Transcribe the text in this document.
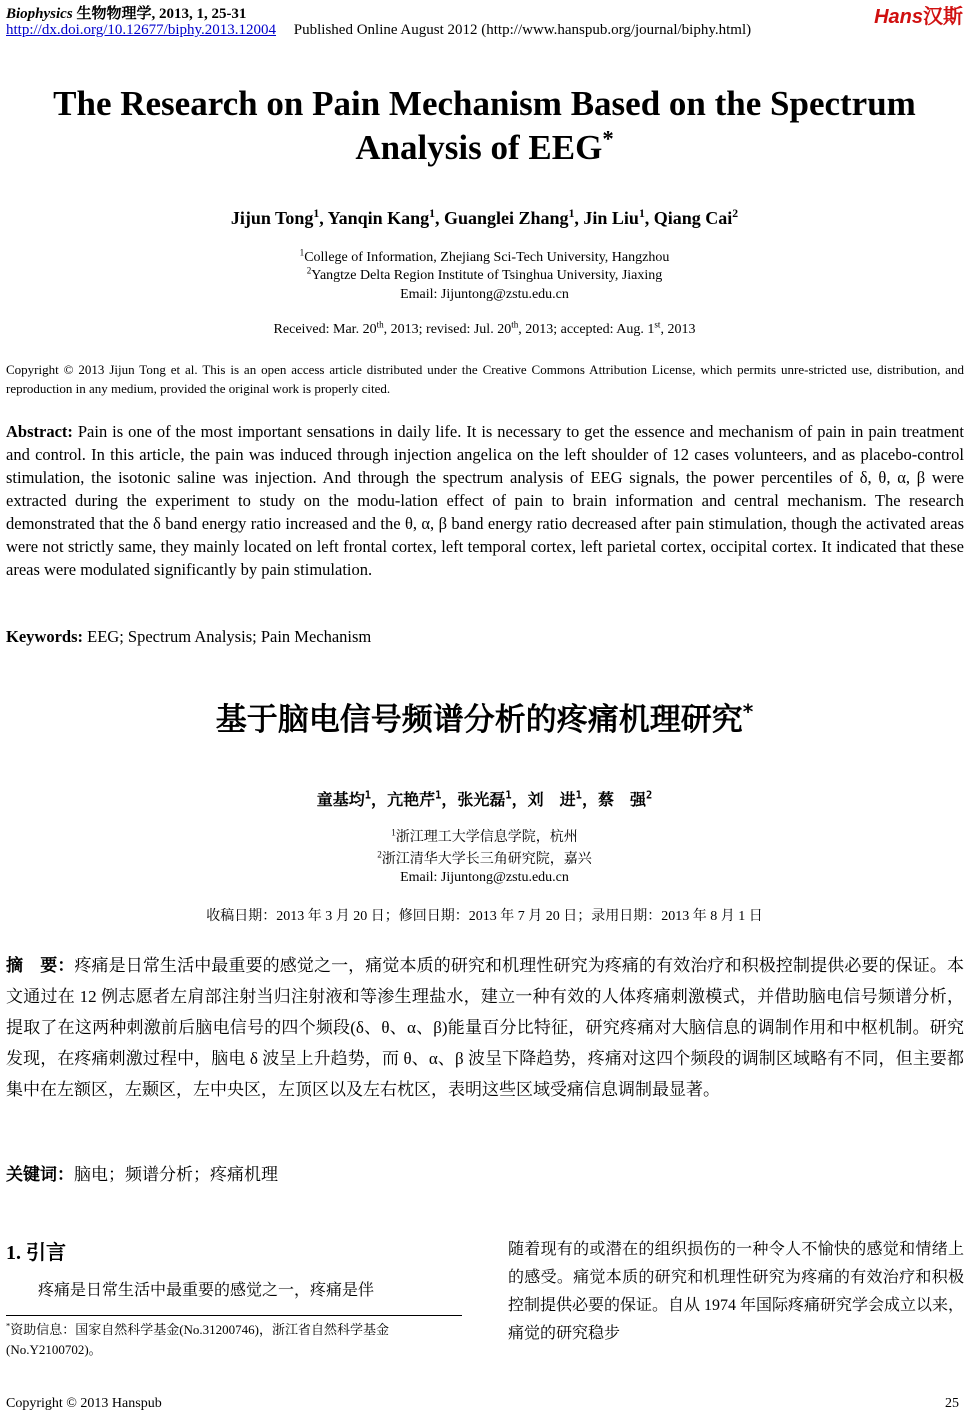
Biophysics 生物物理学, 2013, 1, 25-31	Hans汉斯
http://dx.doi.org/10.12677/biphy.2013.12004 Published Online August 2012 (http://www.hanspub.org/journal/biphy.html)
The Research on Pain Mechanism Based on the Spectrum Analysis of EEG*
Jijun Tong$^1$, Yanqin Kang$^1$, Guanglei Zhang$^1$, Jin Liu$^1$, Qiang Cai$^2$
$^1$College of Information, Zhejiang Sci-Tech University, Hangzhou
$^2$Yangtze Delta Region Institute of Tsinghua University, Jiaxing
Email: Jijuntong@zstu.edu.cn
Received: Mar. 20th, 2013; revised: Jul. 20th, 2013; accepted: Aug. 1st, 2013
Copyright © 2013 Jijun Tong et al. This is an open access article distributed under the Creative Commons Attribution License, which permits unre-stricted use, distribution, and reproduction in any medium, provided the original work is properly cited.
Abstract: Pain is one of the most important sensations in daily life. It is necessary to get the essence and mechanism of pain in pain treatment and control. In this article, the pain was induced through injection angelica on the left shoulder of 12 cases volunteers, and as placebo-control stimulation, the isotonic saline was injection. And through the spectrum analysis of EEG signals, the power percentiles of δ, θ, α, β were extracted during the experiment to study on the modu-lation effect of pain to brain information and central mechanism. The research demonstrated that the δ band energy ratio increased and the θ, α, β band energy ratio decreased after pain stimulation, though the activated areas were not strictly same, they mainly located on left frontal cortex, left temporal cortex, left parietal cortex, occipital cortex. It indicated that these areas were modulated significantly by pain stimulation.
Keywords: EEG; Spectrum Analysis; Pain Mechanism
基于脑电信号频谱分析的疼痛机理研究*
童基均$^1$，亢艳芹$^1$，张光磊$^1$，刘　进$^1$，蔡　强$^2$
$^1$浙江理工大学信息学院，杭州
$^2$浙江清华大学长三角研究院，嘉兴
Email: Jijuntong@zstu.edu.cn
收稿日期：2013 年 3 月 20 日；修回日期：2013 年 7 月 20 日；录用日期：2013 年 8 月 1 日
摘　要：疼痛是日常生活中最重要的感觉之一，痛觉本质的研究和机理性研究为疼痛的有效治疗和积极控制提供必要的保证。本文通过在 12 例志愿者左肩部注射当归注射液和等渗生理盐水，建立一种有效的人体疼痛刺激模式，并借助脑电信号频谱分析，提取了在这两种刺激前后脑电信号的四个频段(δ、θ、α、β)能量百分比特征，研究疼痛对大脑信息的调制作用和中枢机制。研究发现，在疼痛刺激过程中，脑电 δ 波呈上升趋势，而 θ、α、β 波呈下降趋势，疼痛对这四个频段的调制区域略有不同，但主要都集中在左额区，左颞区，左中央区，左顶区以及左右枕区，表明这些区域受痛信息调制最显著。
关键词：脑电；频谱分析；疼痛机理
1. 引言
疼痛是日常生活中最重要的感觉之一，疼痛是伴
*资助信息：国家自然科学基金(No.31200746)，浙江省自然科学基金(No.Y2100702)。
随着现有的或潜在的组织损伤的一种令人不愉快的感觉和情绪上的感受。痛觉本质的研究和机理性研究为疼痛的有效治疗和积极控制提供必要的保证。自从 1974 年国际疼痛研究学会成立以来，痛觉的研究稳步
Copyright © 2013 Hanspub	25
